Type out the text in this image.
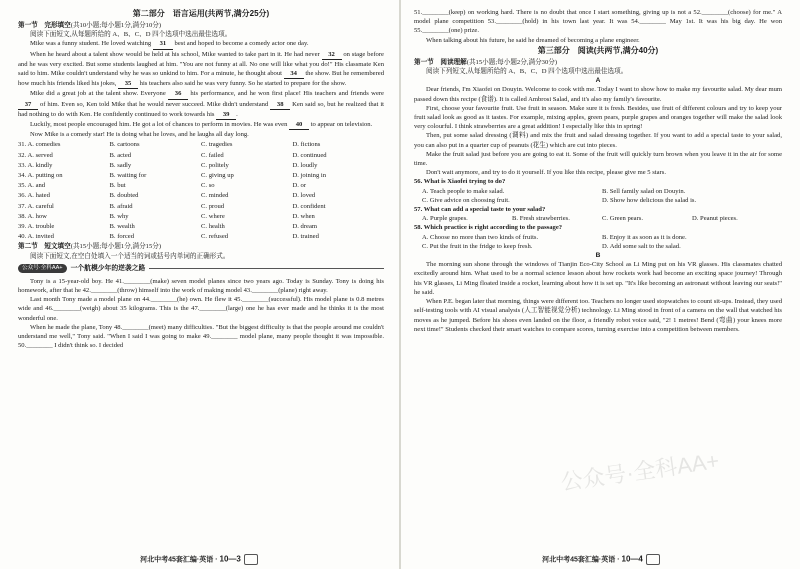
第二部分　语言运用(共两节,满分25分)
第一节　完形填空(共10小题;每小题1分,满分10分)

阅读下面短文,从每题所给的 A、B、C、D 四个选项中选出最佳选项。

Mike was a funny student. He loved watching 31 best and hoped to become a comedy actor one day.

When he heard about a talent show would be held at his school, Mike wanted to take part in it. He had never 32 on stage before and he was very excited. But some students laughed at him. "You are not funny at all. No one will like what you do!" His classmate Ken said to him. Mike couldn't understand why he was so unkind to him. For a minute, he thought about 34 the show. But he remembered how much his friends liked his jokes, 35 his teachers also said he was very funny. So he started to prepare for the show.

Mike did a great job at the talent show. Everyone 36 his performance, and he won first place! His teachers and friends were 37 of him. Even so, Ken told Mike that he would never succeed. Mike didn't understand 38 Ken said so, but he realized that it had nothing to do with Ken. He confidently continued to work towards his 39 .

Luckily, most people encouraged him. He got a lot of chances to perform in movies. He was even 40 to appear on television.

Now Mike is a comedy star! He is doing what he loves, and he laughs all day long.

31. A. comedies	B. cartoons	C. tragedies	D. fictions
32. A. served	B. acted	C. failed	D. continued
33. A. kindly	B. sadly	C. politely	D. loudly
34. A. putting on	B. waiting for	C. giving up	D. joining in
35. A. and	B. but	C. so	D. or
36. A. hated	B. doubted	C. minded	D. loved
37. A. careful	B. afraid	C. proud	D. confident
38. A. how	B. why	C. where	D. when
39. A. trouble	B. wealth	C. health	D. dream
40. A. invited	B. forced	C. refused	D. trained
第二节　短文填空(共15小题;每小题1分,满分15分)

阅读下面短文,在空白处填入一个适当的词或括号内单词的正确形式。

公众号·全科AA+	一个航模少年的逆袭之路

Tony is a 15-year-old boy. He 41.________(make) seven model planes since two years ago. Today is Sunday. Tony is doing his homework, after that he 42.________(throw) himself into the work of making model 43.________(plane) right away.

Last month Tony made a model plane on 44.________(he) own. He flew it 45.________(successful). His model plane is 0.8 metres wide and 46.________(weigh) about 35 kilograms. This is the 47.________(large) one he has ever made and he thinks it is the most wonderful one.

When he made the plane, Tony 48.________(meet) many difficulties. "But the biggest difficulty is that the people around me couldn't understand me well," Tony said. "When I said I was going to make 49.________ model plane, many people thought it was impossible. 50.________ I didn't think so. I decided

河北中考45套汇编·英语 · 10—3

51.________(keep) on working hard. There is no doubt that once I start something, giving up is not a 52.________(choose) for me." A model plane competition 53.________(hold) in his town last year. It was 54.________ May 1st. It was his big day. He won 55.________(one) prize.

When talking about his future, he said he dreamed of becoming a plane engineer.

第三部分　阅读(共两节,满分40分)
第一节　阅读理解(共15小题;每小题2分,满分30分)

阅读下列短文,从每题所给的 A、B、C、D 四个选项中选出最佳选项。

A

Dear friends, I'm Xiaofei on Douyin. Welcome to cook with me. Today I want to show how to make my favourite salad. My dear mum passed down this recipe (食谱). It is called Ambrosi Salad, and it's also my family's favourite.

First, choose your favourite fruit. Use fruit in season. Make sure it is fresh. Besides, use fruit of different colours and try to keep your fruit salad look as good as it tastes. For example, mixing apples, green pears, purple grapes and oranges together will make the salad look very colourful. I think strawberries are a great addition! I especially like this in spring!

Then, put some salad dressing (调料) and mix the fruit and salad dressing together. If you want to add a special taste to your salad, you can also put in a quarter cup of peanuts (花生) which are cut into pieces.

Make the fruit salad just before you are going to eat it. Some of the fruit will quickly turn brown when you leave it in the air for some time.

Don't wait anymore, and try to do it yourself. If you like this recipe, please give me 5 stars.

56. What is Xiaofei trying to do?

A. Teach people to make salad.	B. Sell family salad on Douyin.
C. Give advice on choosing fruit.	D. Show how delicious the salad is.

57. What can add a special taste to your salad?

A. Purple grapes.	B. Fresh strawberries.	C. Green pears.	D. Peanut pieces.

58. Which practice is right according to the passage?

A. Choose no more than two kinds of fruits.	B. Enjoy it as soon as it is done.
C. Put the fruit in the fridge to keep fresh.	D. Add some salt to the salad.

B

The morning sun shone through the windows of Tianjin Eco-City School as Li Ming put on his VR glasses. His classmates chatted excitedly around him. What used to be a normal science lesson about how rockets work had become an exciting space journey! Through his VR glasses, Li Ming floated inside a rocket, learning about how it is set up. "It's like becoming an astronaut without leaving our seats!" he said.

When P.E. began later that morning, things were different too. Teachers no longer used stopwatches to count sit-ups. Instead, they used self-testing tools with AI visual analysis (人工智能视觉分析) technology. Li Ming stood in front of a camera on the wall that watched his moves as he jumped. Before his shoes even landed on the floor, a friendly robot voice said, "2! 1 metres! Bend (弯曲) your knees more next time!" Students checked their smart watches to compare scores, turning exercise into a competition between members.

河北中考45套汇编·英语 · 10—4
公众号·全科AA+
